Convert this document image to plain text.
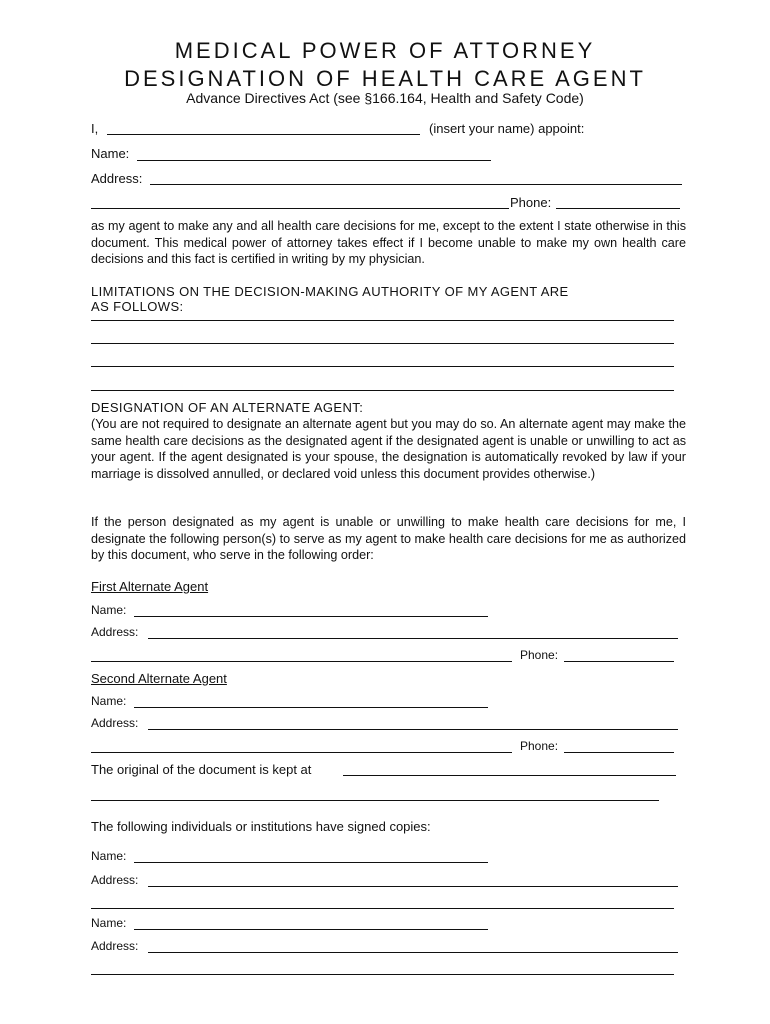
MEDICAL POWER OF ATTORNEY
DESIGNATION OF HEALTH CARE AGENT
Advance Directives Act (see §166.164, Health and Safety Code)
I,	(insert your name) appoint:
Name:
Address:
Phone:
as my agent to make any and all health care decisions for me, except to the extent I state otherwise in this document. This medical power of attorney takes effect if I become unable to make my own health care decisions and this fact is certified in writing by my physician.
LIMITATIONS ON THE DECISION-MAKING AUTHORITY OF MY AGENT ARE
AS FOLLOWS:
DESIGNATION OF AN ALTERNATE AGENT:
(You are not required to designate an alternate agent but you may do so. An alternate agent may make the same health care decisions as the designated agent if the designated agent is unable or unwilling to act as your agent. If the agent designated is your spouse, the designation is automatically revoked by law if your marriage is dissolved annulled, or declared void unless this document provides otherwise.)
If the person designated as my agent is unable or unwilling to make health care decisions for me, I designate the following person(s) to serve as my agent to make health care decisions for me as authorized by this document, who serve in the following order:
First Alternate Agent
Name:
Address:
Phone:
Second Alternate Agent
Name:
Address:
Phone:
The original of the document is kept at
The following individuals or institutions have signed copies:
Name:
Address:
Name:
Address:
